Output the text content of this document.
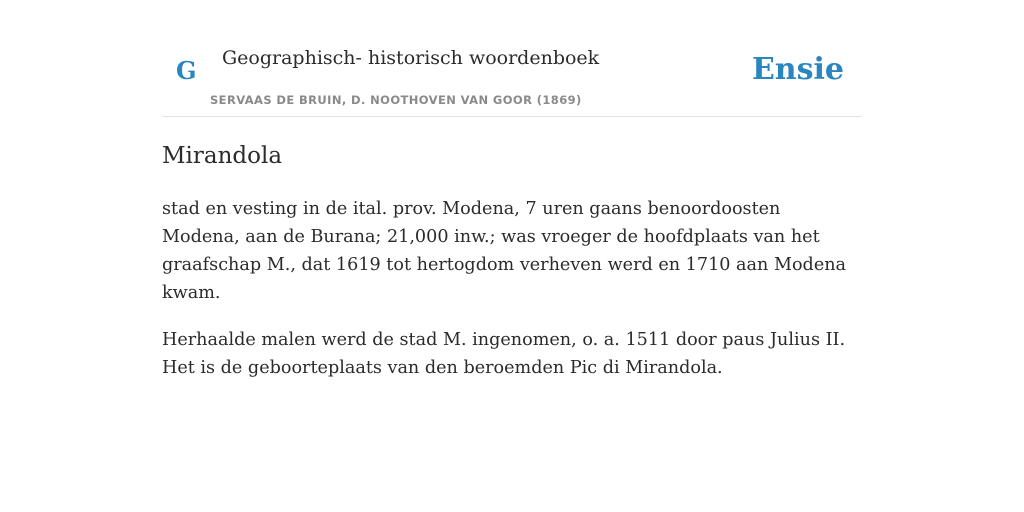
G Geographisch- historisch woordenboek
SERVAAS DE BRUIN, D. NOOTHOVEN VAN GOOR (1869)
Ensie
Mirandola

stad en vesting in de ital. prov. Modena, 7 uren gaans benoordoosten Modena, aan de Burana; 21,000 inw.; was vroeger de hoofdplaats van het graafschap M., dat 1619 tot hertogdom verheven werd en 1710 aan Modena kwam.

Herhaalde malen werd de stad M. ingenomen, o. a. 1511 door paus Julius II. Het is de geboorteplaats van den beroemden Pic di Mirandola.
